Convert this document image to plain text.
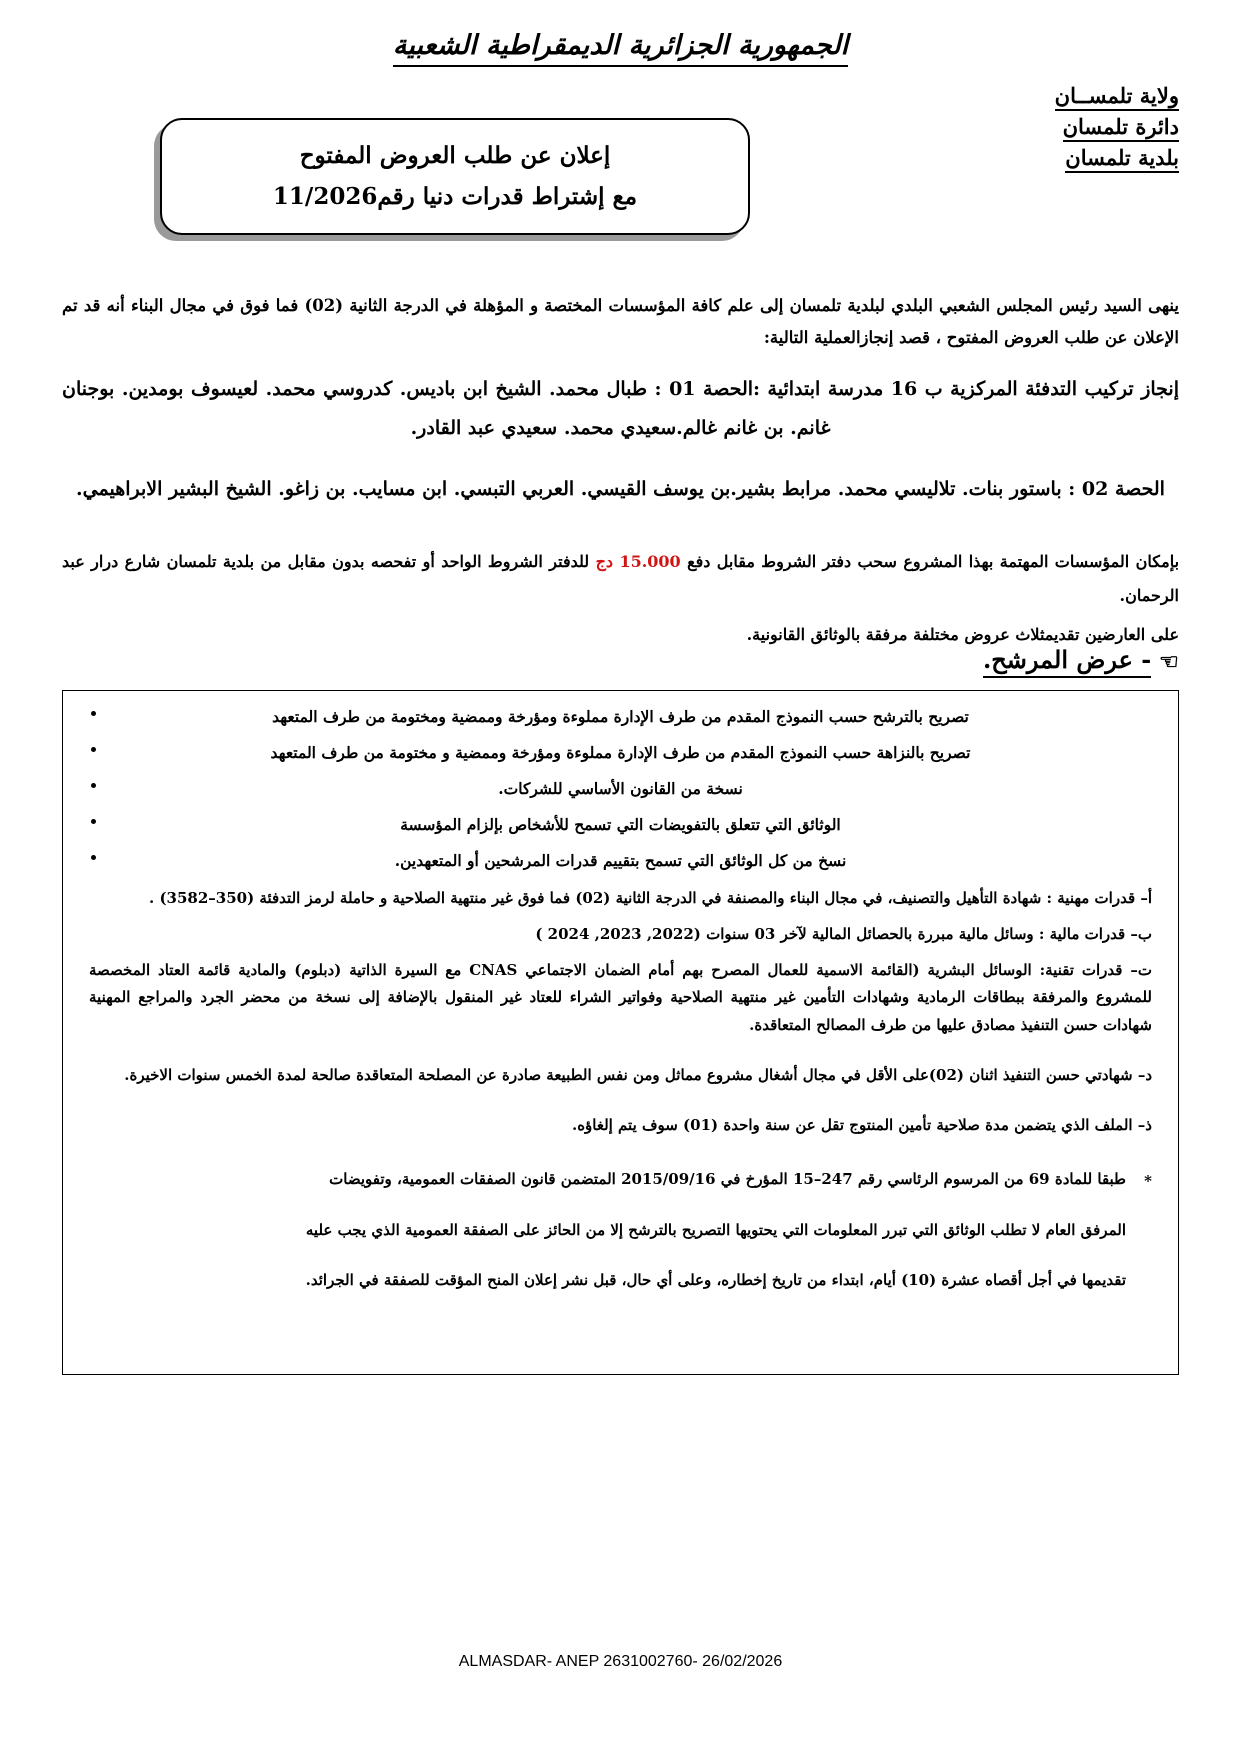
الجمهورية الجزائرية الديمقراطية الشعبية
ولاية تلمســان
دائرة تلمسان
بلدية تلمسان
إعلان عن طلب العروض المفتوح
مع إشتراط قدرات دنيا رقم11/2026

ينهى السيد رئيس المجلس الشعبي البلدي لبلدية تلمسان إلى علم كافة المؤسسات المختصة و المؤهلة في الدرجة الثانية (02) فما فوق في مجال البناء أنه قد تم الإعلان عن طلب العروض المفتوح ، قصد إنجازالعملية التالية:

إنجاز تركيب التدفئة المركزية ب 16 مدرسة ابتدائية :الحصة 01 : طبال محمد. الشيخ ابن باديس. كدروسي محمد. لعيسوف بومدين. بوجنان غانم. بن غانم غالم.سعيدي محمد. سعيدي عبد القادر.

الحصة 02 : باستور بنات. تلاليسي محمد. مرابط بشير.بن يوسف القيسي. العربي التبسي. ابن مسايب. بن زاغو. الشيخ البشير الابراهيمي.

بإمكان المؤسسات المهتمة بهذا المشروع سحب دفتر الشروط مقابل دفع 15.000 دج للدفتر الشروط الواحد أو تفحصه بدون مقابل من بلدية تلمسان شارع درار عبد الرحمان.

على العارضين تقديمثلاث عروض مختلفة مرفقة بالوثائق القانونية.

☞
- عرض المرشح.
تصريح بالترشح حسب النموذج المقدم من طرف الإدارة مملوءة ومؤرخة وممضية ومختومة من طرف المتعهد
تصريح بالنزاهة حسب النموذج المقدم من طرف الإدارة مملوءة ومؤرخة وممضية و مختومة من طرف المتعهد
نسخة من القانون الأساسي للشركات.
الوثائق التي تتعلق بالتفويضات التي تسمح للأشخاص بإلزام المؤسسة
نسخ من كل الوثائق التي تسمح بتقييم قدرات المرشحين أو المتعهدين.
أ– قدرات مهنية : شهادة التأهيل والتصنيف، في مجال البناء والمصنفة في الدرجة الثانية (02) فما فوق غير منتهية الصلاحية و حاملة لرمز التدفئة (350–3582) .
ب– قدرات مالية : وسائل مالية مبررة بالحصائل المالية لآخر 03 سنوات (2022, 2023, 2024 )
ت– قدرات تقنية: الوسائل البشرية (القائمة الاسمية للعمال المصرح بهم أمام الضمان الاجتماعي CNAS مع السيرة الذاتية (دبلوم) والمادية قائمة العتاد المخصصة للمشروع والمرفقة ببطاقات الرمادية وشهادات التأمين غير منتهية الصلاحية وفواتير الشراء للعتاد غير المنقول بالإضافة إلى نسخة من محضر الجرد والمراجع المهنية شهادات حسن التنفيذ مصادق عليها من طرف المصالح المتعاقدة.
د– شهادتي حسن التنفيذ اثنان (02)على الأقل في مجال أشغال مشروع مماثل ومن نفس الطبيعة صادرة عن المصلحة المتعاقدة صالحة لمدة الخمس سنوات الاخيرة.
ذ– الملف الذي يتضمن مدة صلاحية تأمين المنتوج تقل عن سنة واحدة (01) سوف يتم إلغاؤه.
*
طبقا للمادة 69 من المرسوم الرئاسي رقم 247–15 المؤرخ في 2015/09/16 المتضمن قانون الصفقات العمومية، وتفويضات
المرفق العام لا تطلب الوثائق التي تبرر المعلومات التي يحتويها التصريح بالترشح إلا من الحائز على الصفقة العمومية الذي يجب عليه
تقديمها في أجل أقصاه عشرة (10) أيام، ابتداء من تاريخ إخطاره، وعلى أي حال، قبل نشر إعلان المنح المؤقت للصفقة في الجرائد.
ALMASDAR- ANEP 2631002760- 26/02/2026
